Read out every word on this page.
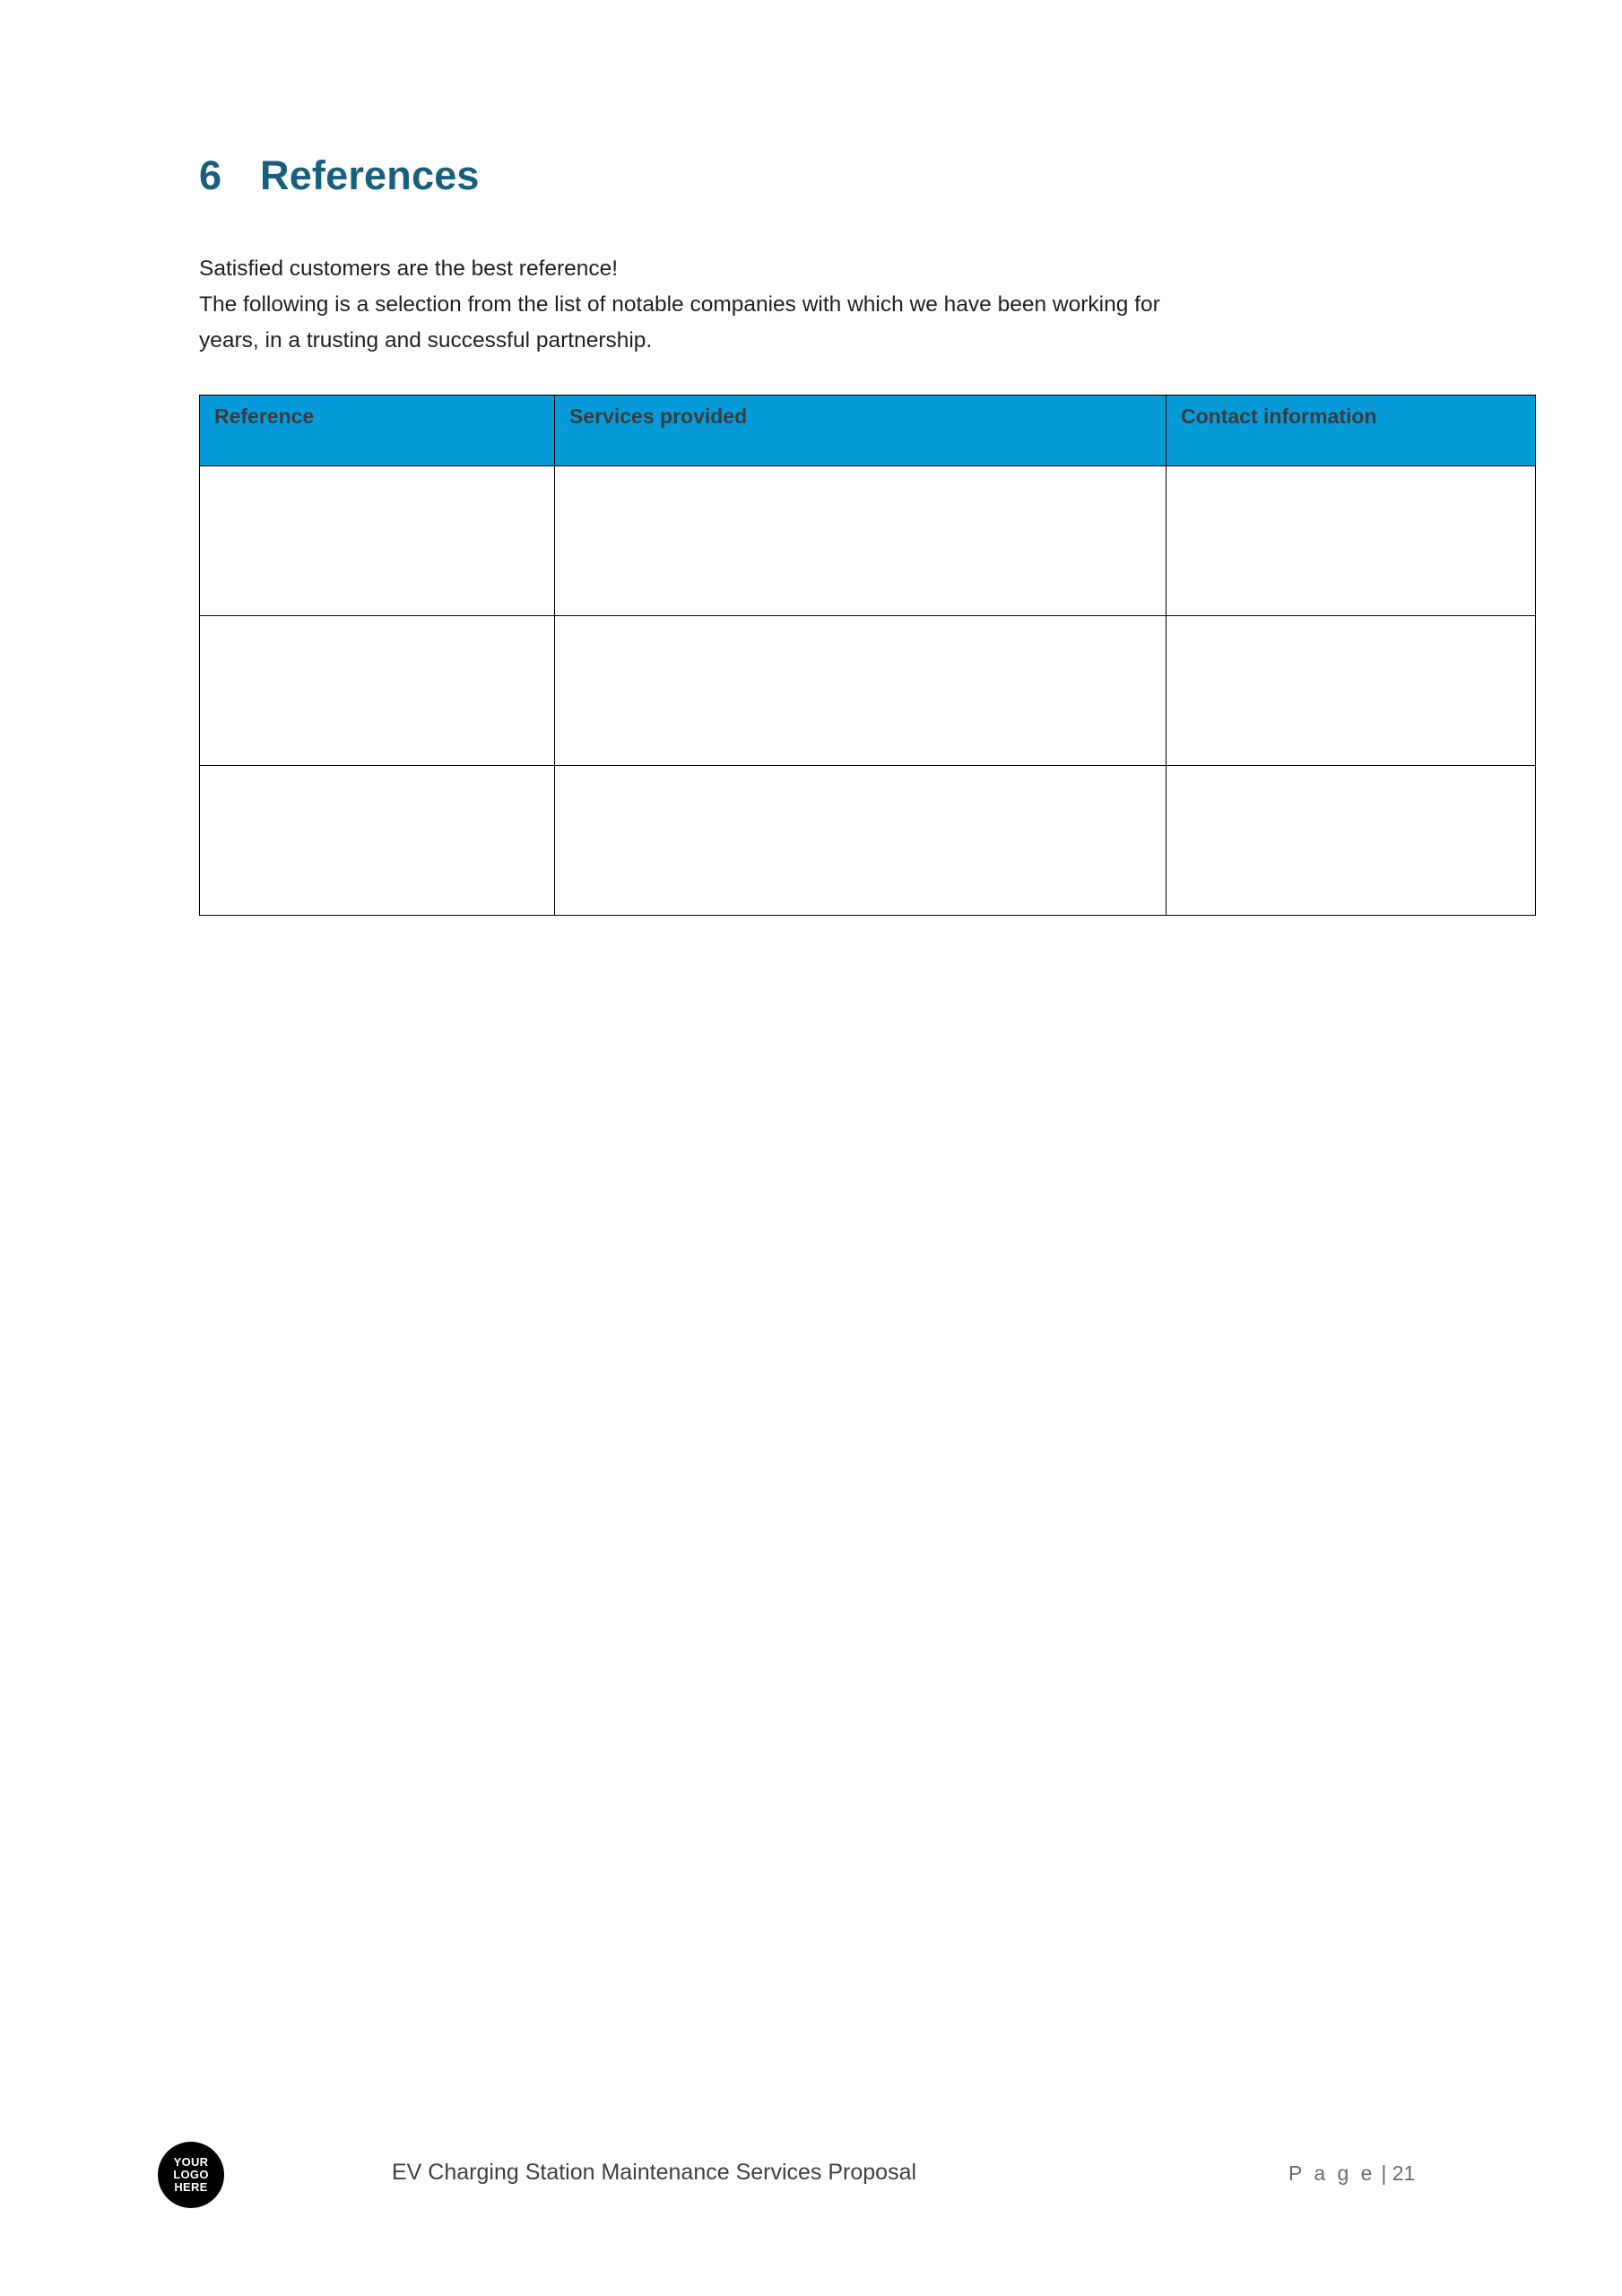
6 References

Satisfied customers are the best reference!

The following is a selection from the list of notable companies with which we have been working for

years, in a trusting and successful partnership.

Reference	Services provided	Contact information

YOUR
LOGO
HERE
EV Charging Station Maintenance Services Proposal	P a g e | 21
